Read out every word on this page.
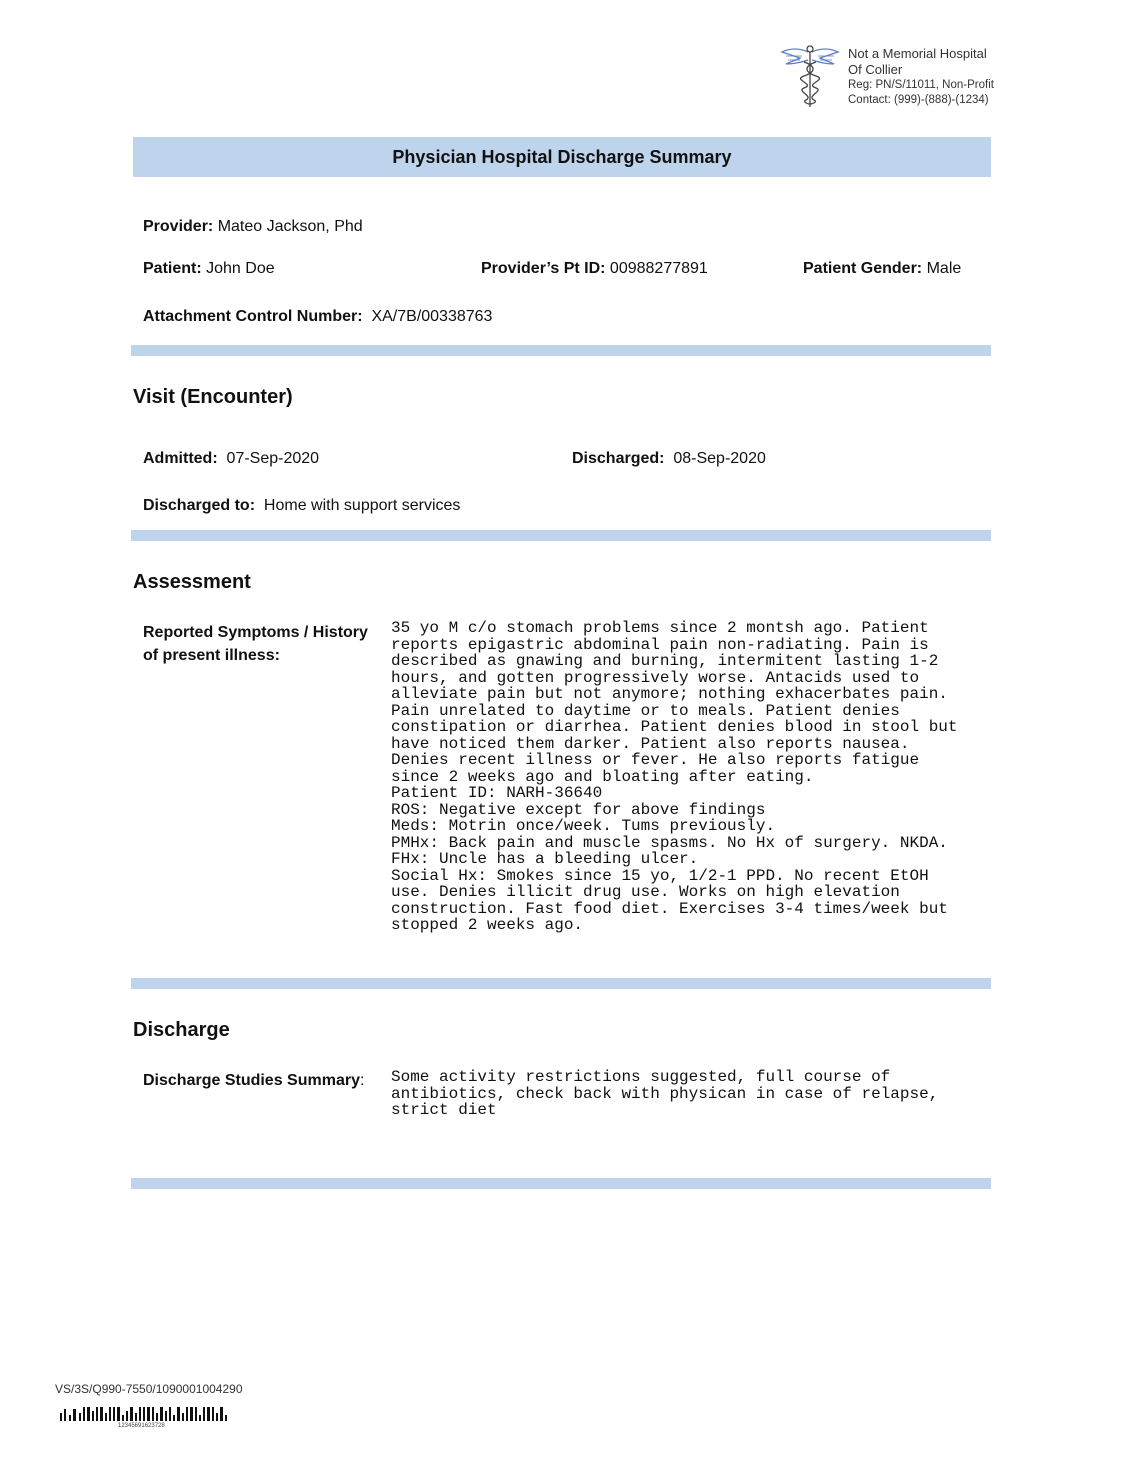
Not a Memorial Hospital
Of Collier
Reg: PN/S/11011, Non-Profit
Contact: (999)-(888)-(1234)
Physician Hospital Discharge Summary
Provider: Mateo Jackson, Phd
Patient: John Doe	Provider’s Pt ID: 00988277891	Patient Gender: Male
Attachment Control Number:  XA/7B/00338763
Visit (Encounter)
Admitted:  07-Sep-2020	Discharged:  08-Sep-2020
Discharged to:  Home with support services
Assessment
Reported Symptoms / History
of present illness:
35 yo M c/o stomach problems since 2 montsh ago. Patient
reports epigastric abdominal pain non-radiating. Pain is
described as gnawing and burning, intermitent lasting 1-2
hours, and gotten progressively worse. Antacids used to
alleviate pain but not anymore; nothing exhacerbates pain.
Pain unrelated to daytime or to meals. Patient denies
constipation or diarrhea. Patient denies blood in stool but
have noticed them darker. Patient also reports nausea.
Denies recent illness or fever. He also reports fatigue
since 2 weeks ago and bloating after eating.
Patient ID: NARH-36640
ROS: Negative except for above findings
Meds: Motrin once/week. Tums previously.
PMHx: Back pain and muscle spasms. No Hx of surgery. NKDA.
FHx: Uncle has a bleeding ulcer.
Social Hx: Smokes since 15 yo, 1/2-1 PPD. No recent EtOH
use. Denies illicit drug use. Works on high elevation
construction. Fast food diet. Exercises 3-4 times/week but
stopped 2 weeks ago.
Discharge
Discharge Studies Summary: Some activity restrictions suggested, full course of
antibiotics, check back with physican in case of relapse,
strict diet
VS/3S/Q990-7550/1090001004290
12345691623728
